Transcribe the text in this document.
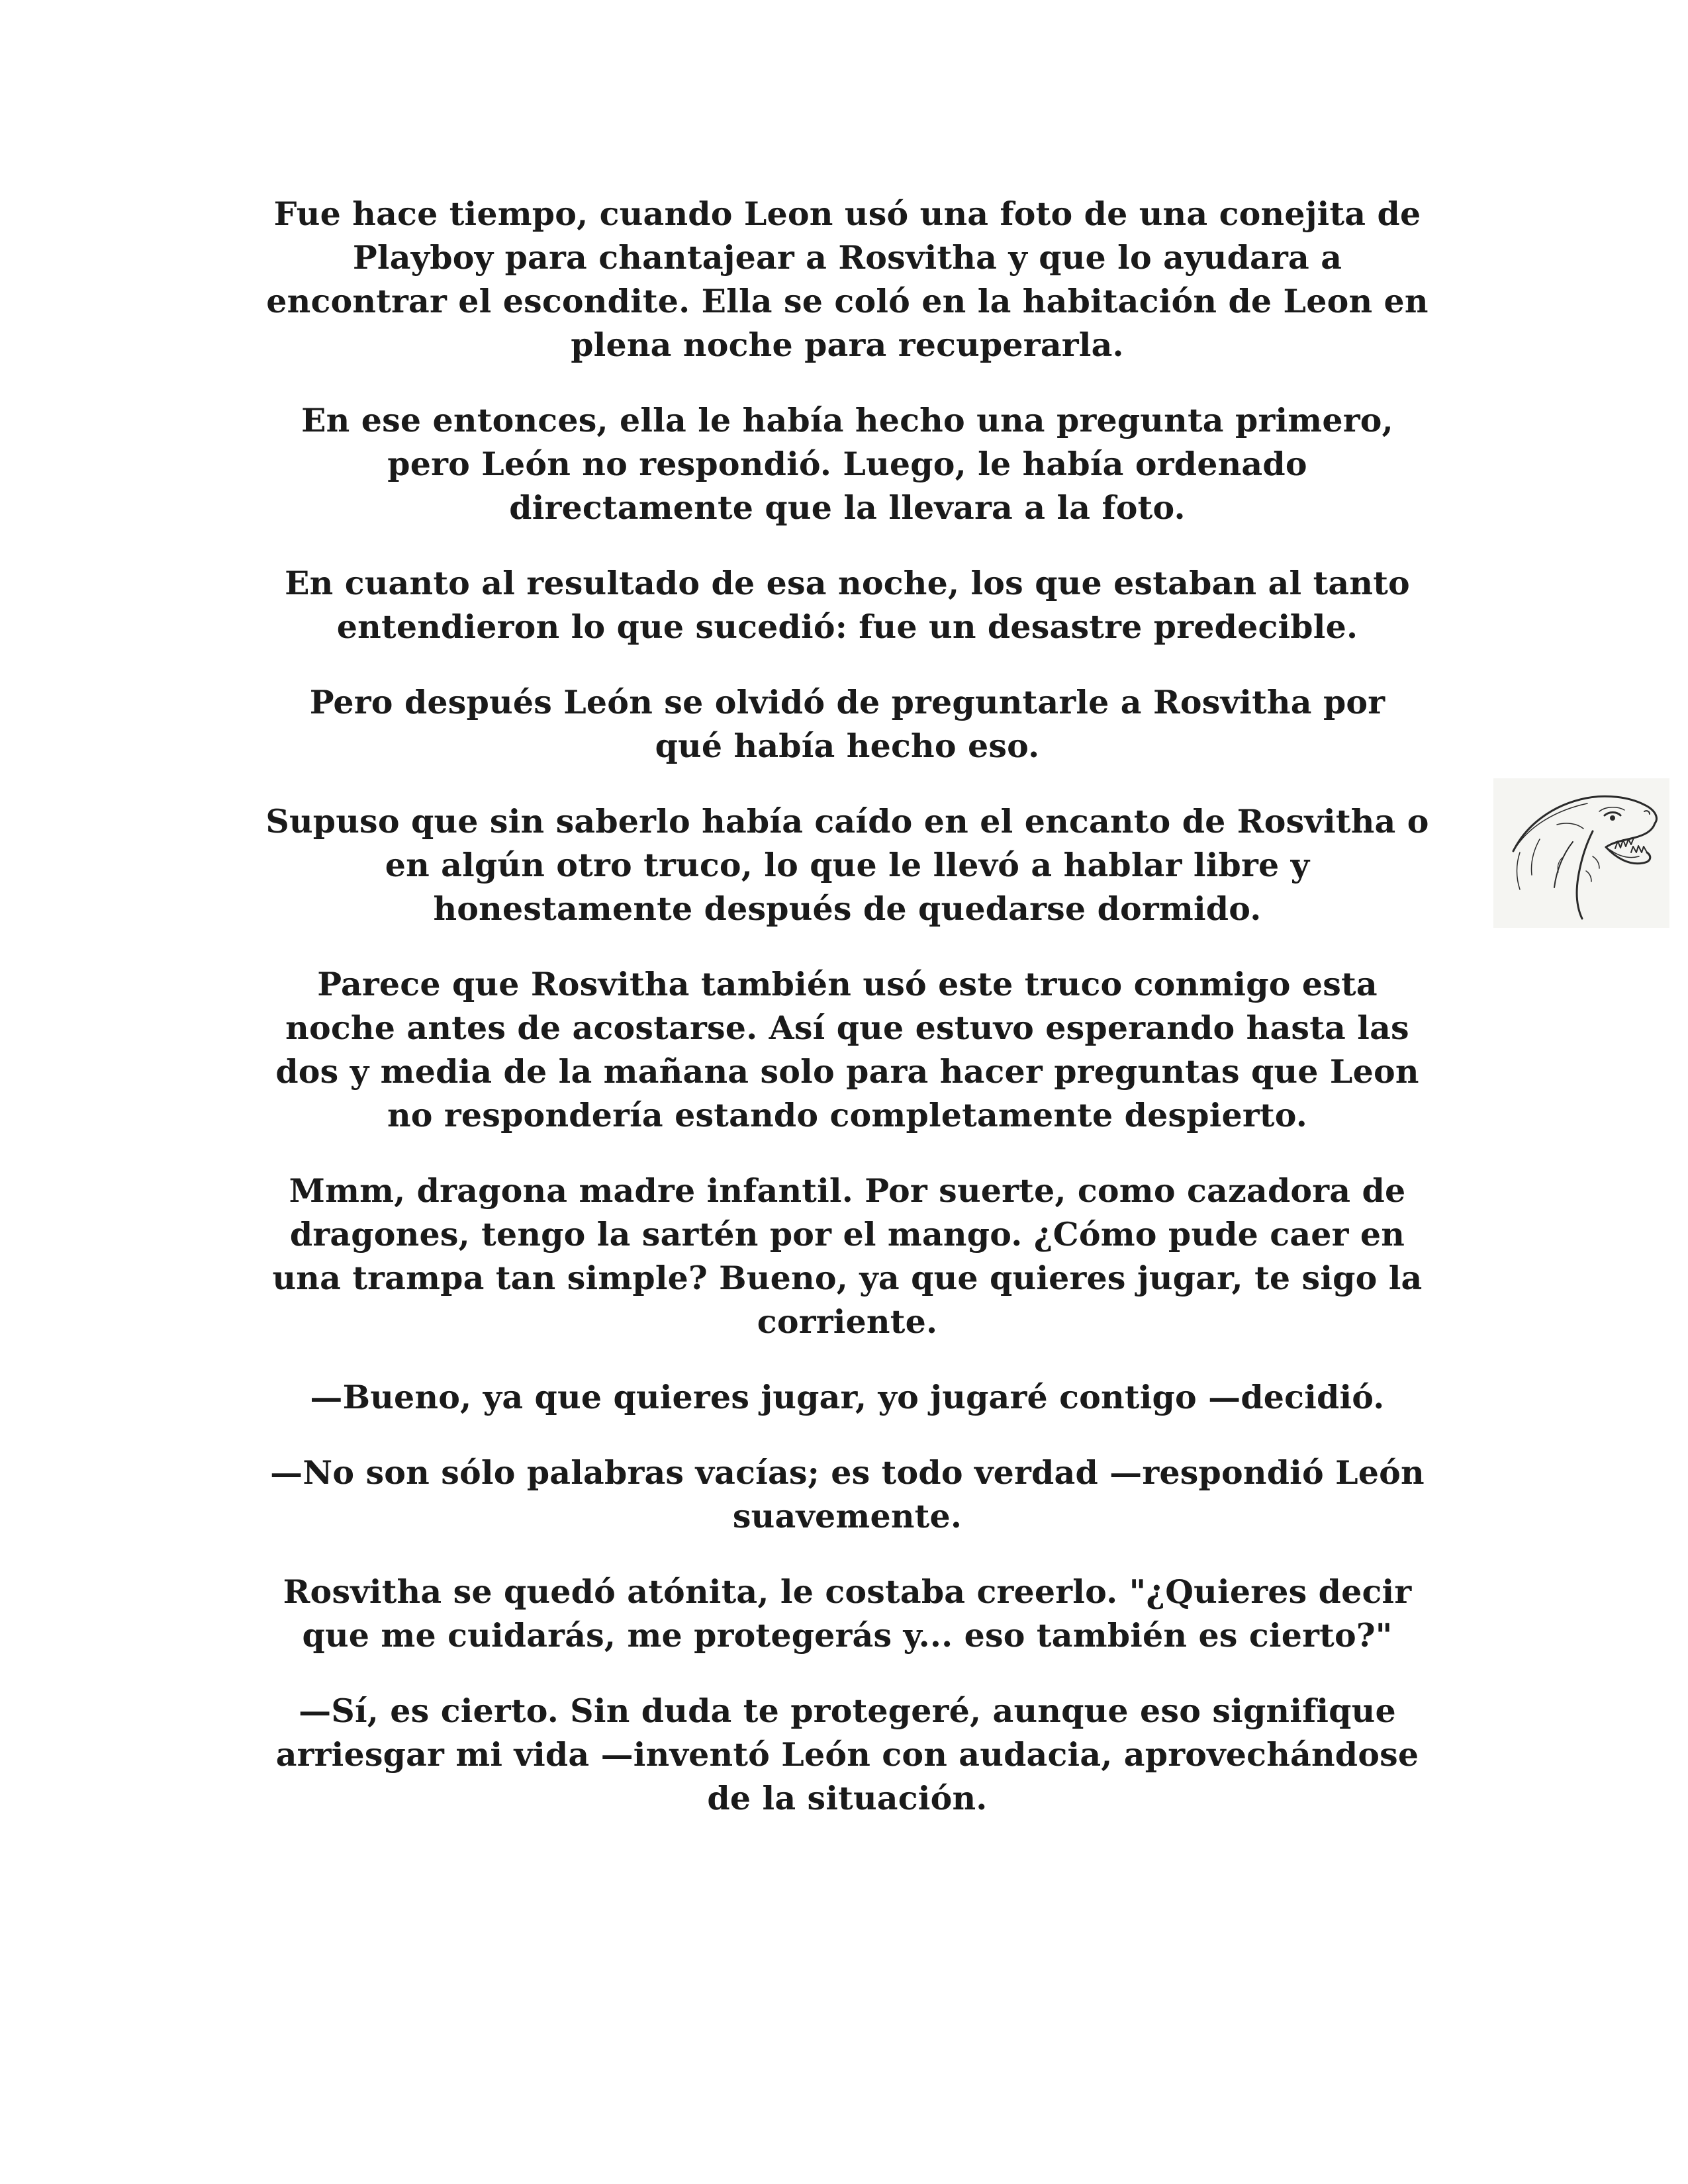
Fue hace tiempo, cuando Leon usó una foto de una conejita de
Playboy para chantajear a Rosvitha y que lo ayudara a
encontrar el escondite. Ella se coló en la habitación de Leon en
plena noche para recuperarla.

En ese entonces, ella le había hecho una pregunta primero,
pero León no respondió. Luego, le había ordenado
directamente que la llevara a la foto.

En cuanto al resultado de esa noche, los que estaban al tanto
entendieron lo que sucedió: fue un desastre predecible.

Pero después León se olvidó de preguntarle a Rosvitha por
qué había hecho eso.

Supuso que sin saberlo había caído en el encanto de Rosvitha o
en algún otro truco, lo que le llevó a hablar libre y
honestamente después de quedarse dormido.

Parece que Rosvitha también usó este truco conmigo esta
noche antes de acostarse. Así que estuvo esperando hasta las
dos y media de la mañana solo para hacer preguntas que Leon
no respondería estando completamente despierto.

Mmm, dragona madre infantil. Por suerte, como cazadora de
dragones, tengo la sartén por el mango. ¿Cómo pude caer en
una trampa tan simple? Bueno, ya que quieres jugar, te sigo la
corriente.

—Bueno, ya que quieres jugar, yo jugaré contigo —decidió.

—No son sólo palabras vacías; es todo verdad —respondió León
suavemente.

Rosvitha se quedó atónita, le costaba creerlo. "¿Quieres decir
que me cuidarás, me protegerás y... eso también es cierto?"

—Sí, es cierto. Sin duda te protegeré, aunque eso signifique
arriesgar mi vida —inventó León con audacia, aprovechándose
de la situación.
